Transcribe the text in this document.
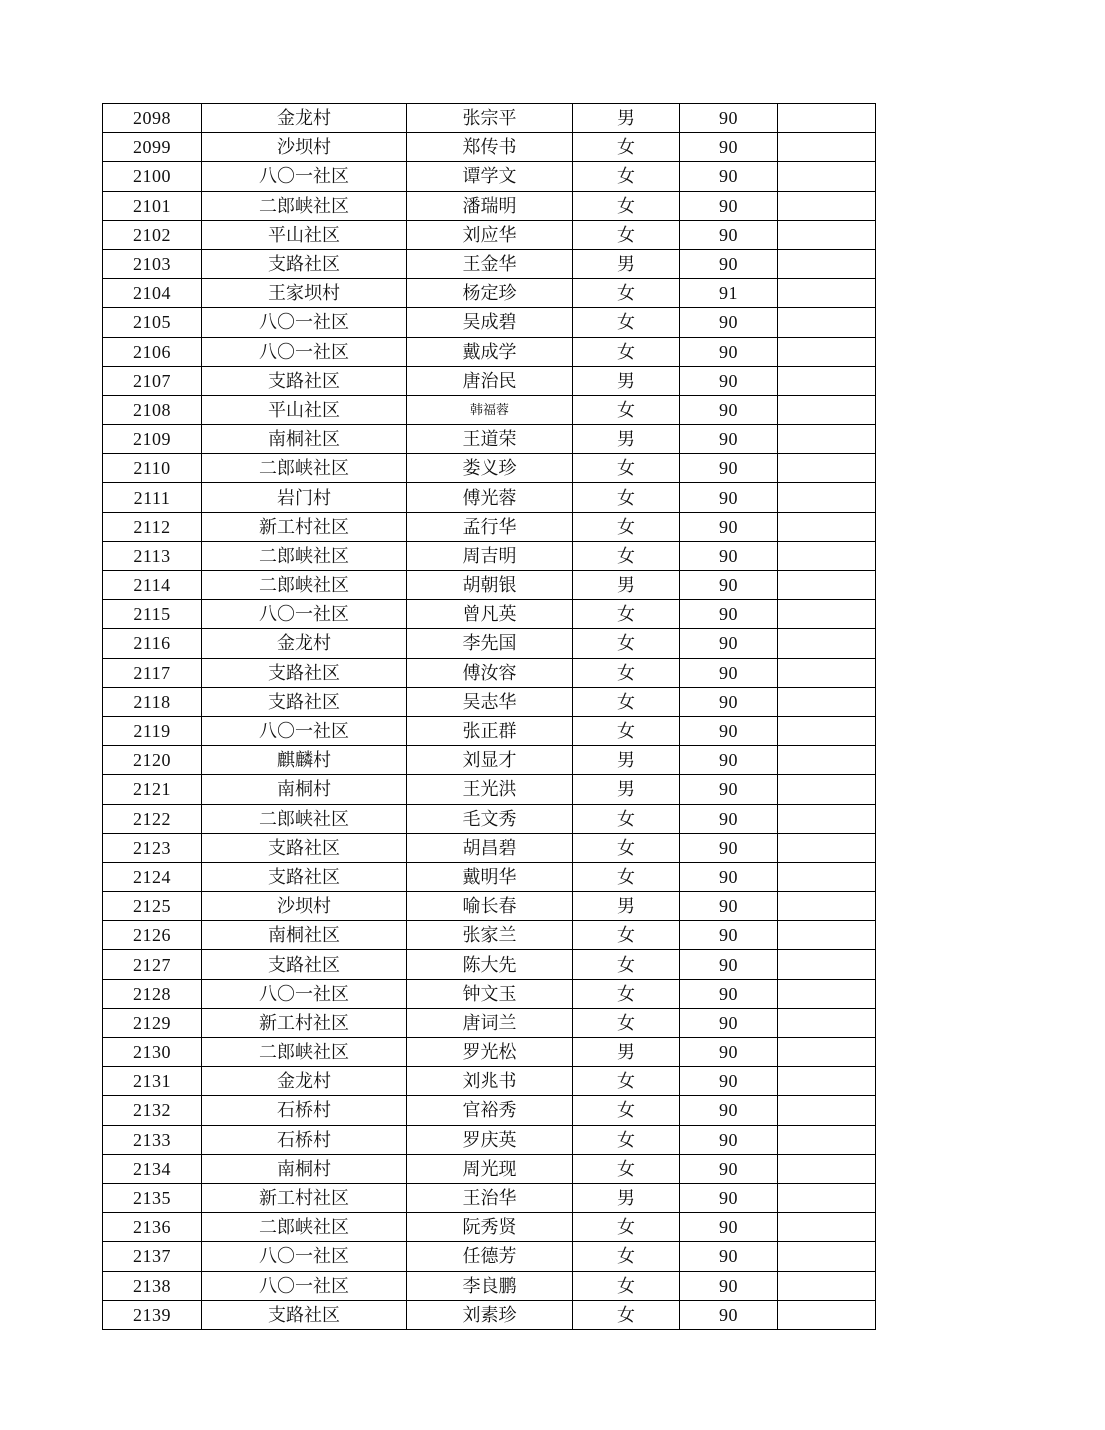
2098	金龙村	张宗平	男	90	
2099	沙坝村	郑传书	女	90	
2100	八〇一社区	谭学文	女	90	
2101	二郎峡社区	潘瑞明	女	90	
2102	平山社区	刘应华	女	90	
2103	支路社区	王金华	男	90	
2104	王家坝村	杨定珍	女	91	
2105	八〇一社区	吴成碧	女	90	
2106	八〇一社区	戴成学	女	90	
2107	支路社区	唐治民	男	90	
2108	平山社区	韩福蓉	女	90	
2109	南桐社区	王道荣	男	90	
2110	二郎峡社区	娄义珍	女	90	
2111	岩门村	傅光蓉	女	90	
2112	新工村社区	孟行华	女	90	
2113	二郎峡社区	周吉明	女	90	
2114	二郎峡社区	胡朝银	男	90	
2115	八〇一社区	曾凡英	女	90	
2116	金龙村	李先国	女	90	
2117	支路社区	傅汝容	女	90	
2118	支路社区	吴志华	女	90	
2119	八〇一社区	张正群	女	90	
2120	麒麟村	刘显才	男	90	
2121	南桐村	王光洪	男	90	
2122	二郎峡社区	毛文秀	女	90	
2123	支路社区	胡昌碧	女	90	
2124	支路社区	戴明华	女	90	
2125	沙坝村	喻长春	男	90	
2126	南桐社区	张家兰	女	90	
2127	支路社区	陈大先	女	90	
2128	八〇一社区	钟文玉	女	90	
2129	新工村社区	唐词兰	女	90	
2130	二郎峡社区	罗光松	男	90	
2131	金龙村	刘兆书	女	90	
2132	石桥村	官裕秀	女	90	
2133	石桥村	罗庆英	女	90	
2134	南桐村	周光现	女	90	
2135	新工村社区	王治华	男	90	
2136	二郎峡社区	阮秀贤	女	90	
2137	八〇一社区	任德芳	女	90	
2138	八〇一社区	李良鹏	女	90	
2139	支路社区	刘素珍	女	90	
